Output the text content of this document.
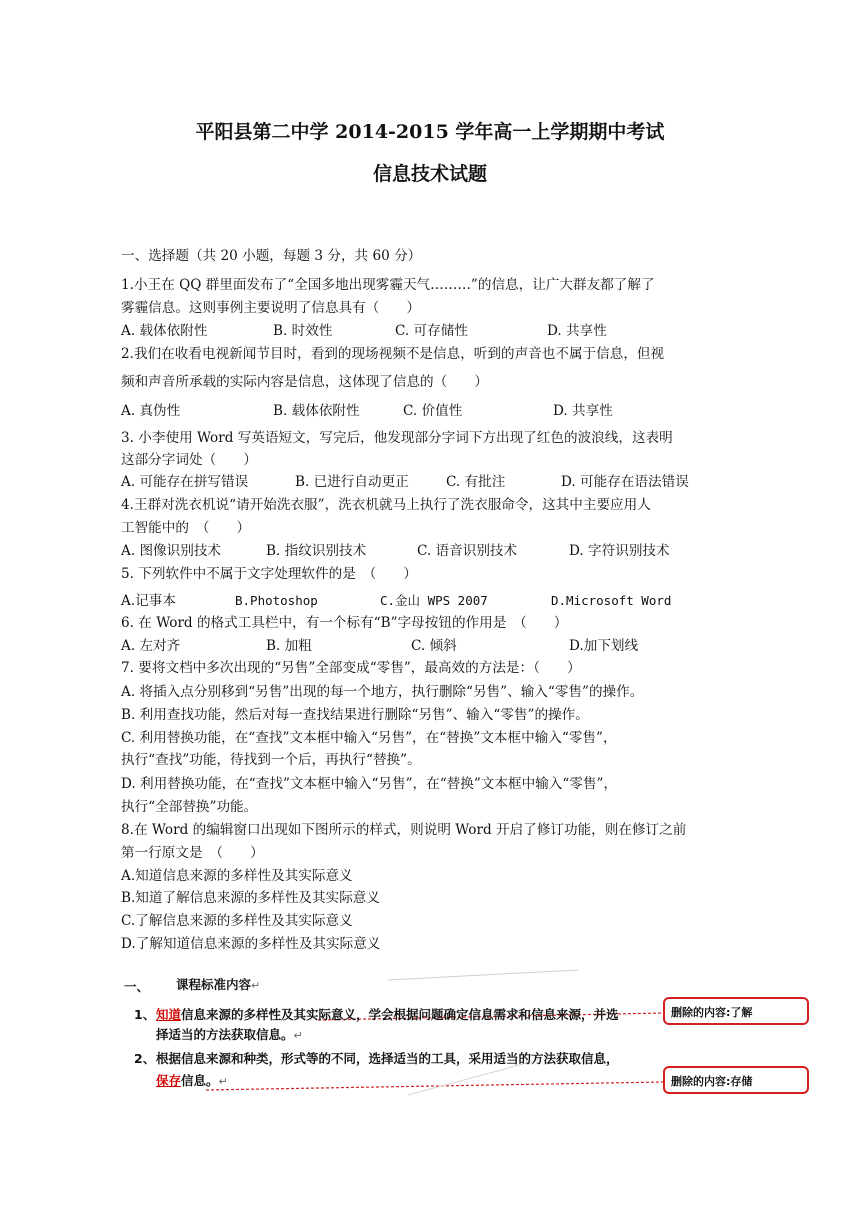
平阳县第二中学 2014-2015 学年高一上学期期中考试
信息技术试题
一、选择题（共 20 小题，每题 3 分，共 60 分）
1.小王在 QQ 群里面发布了“全国多地出现雾霾天气………”的信息，让广大群友都了解了
雾霾信息。这则事例主要说明了信息具有（　　）
A. 载体依附性	B. 时效性	C. 可存储性	D. 共享性
2.我们在收看电视新闻节目时，看到的现场视频不是信息，听到的声音也不属于信息，但视
频和声音所承载的实际内容是信息，这体现了信息的（　　）
A. 真伪性	B. 载体依附性	C. 价值性	D. 共享性
3. 小李使用 Word 写英语短文，写完后，他发现部分字词下方出现了红色的波浪线，这表明
这部分字词处（　　）
A. 可能存在拼写错误	B. 已进行自动更正	C. 有批注	D. 可能存在语法错误
4.王群对洗衣机说“请开始洗衣服”，洗衣机就马上执行了洗衣服命令，这其中主要应用人
工智能中的　（　　）
A. 图像识别技术	B. 指纹识别技术	C. 语音识别技术	D. 字符识别技术
5. 下列软件中不属于文字处理软件的是　（　　）
A.记事本	B.Photoshop	C.金山 WPS 2007	D.Microsoft Word
6. 在 Word 的格式工具栏中，有一个标有“B”字母按钮的作用是　（　　）
A. 左对齐	B. 加粗	C. 倾斜	D.加下划线
7. 要将文档中多次出现的“另售”全部变成“零售”，最高效的方法是：（　　）
A. 将插入点分别移到“另售”出现的每一个地方，执行删除“另售”、输入“零售”的操作。
B. 利用查找功能，然后对每一查找结果进行删除“另售”、输入“零售”的操作。
C. 利用替换功能，在“查找”文本框中输入“另售”，在“替换”文本框中输入“零售”，
执行“查找”功能，待找到一个后，再执行“替换”。
D. 利用替换功能，在“查找”文本框中输入“另售”，在“替换”文本框中输入“零售”，
执行“全部替换”功能。
8.在 Word 的编辑窗口出现如下图所示的样式，则说明 Word 开启了修订功能，则在修订之前
第一行原文是　（　　）
A.知道信息来源的多样性及其实际意义
B.知道了解信息来源的多样性及其实际意义
C.了解信息来源的多样性及其实际意义
D.了解知道信息来源的多样性及其实际意义
一、 课程标准内容↵
1、 知道信息来源的多样性及其实际意义，学会根据问题确定信息需求和信息来源，并选
择适当的方法获取信息。↵
2、 根据信息来源和种类，形式等的不同，选择适当的工具，采用适当的方法获取信息，
保存信息。↵
删除的内容:了解
删除的内容:存储
